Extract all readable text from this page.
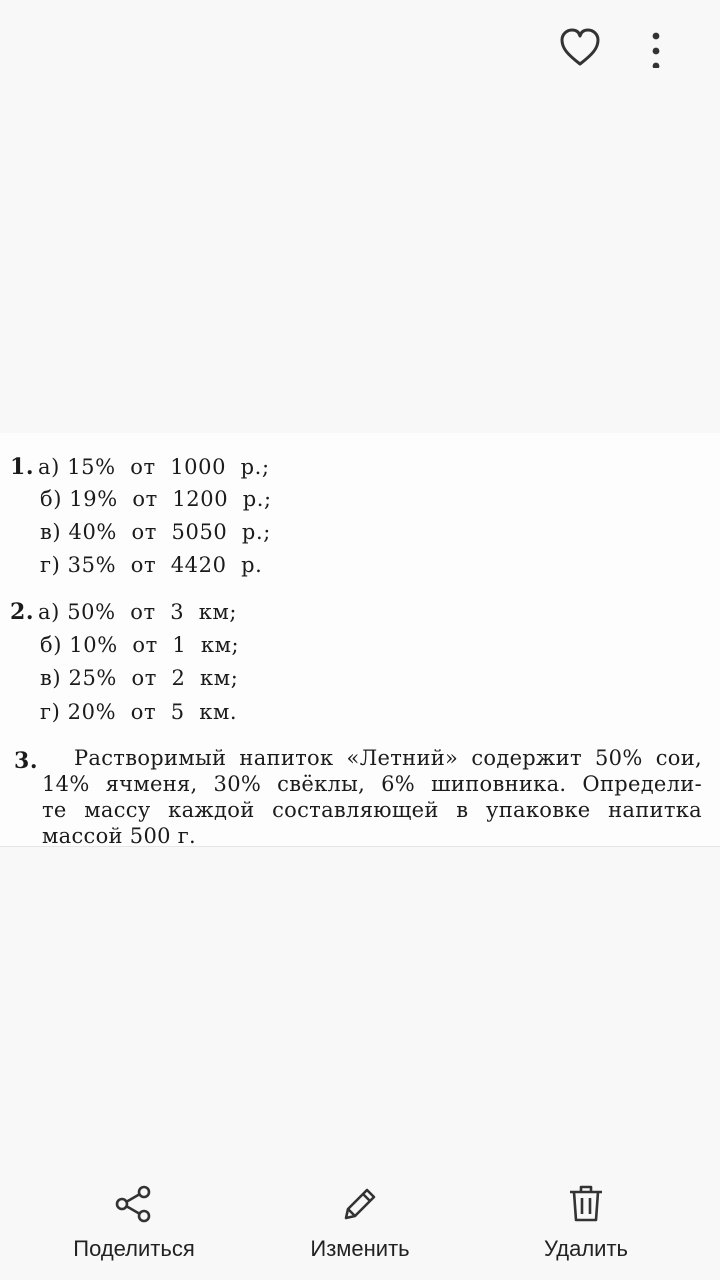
1. а) 15%  от  1000  р.;
б) 19%  от  1200  р.;
в) 40%  от  5050  р.;
г) 35%  от  4420  р.
2. а) 50%  от  3  км;
б) 10%  от  1  км;
в) 25%  от  2  км;
г) 20%  от  5  км.
3.	Растворимый напиток «Летний» содержит 50% сои,
14% ячменя, 30% свёклы, 6% шиповника. Определи-
те массу каждой составляющей в упаковке напитка
массой 500 г.
Поделиться	Изменить	Удалить
